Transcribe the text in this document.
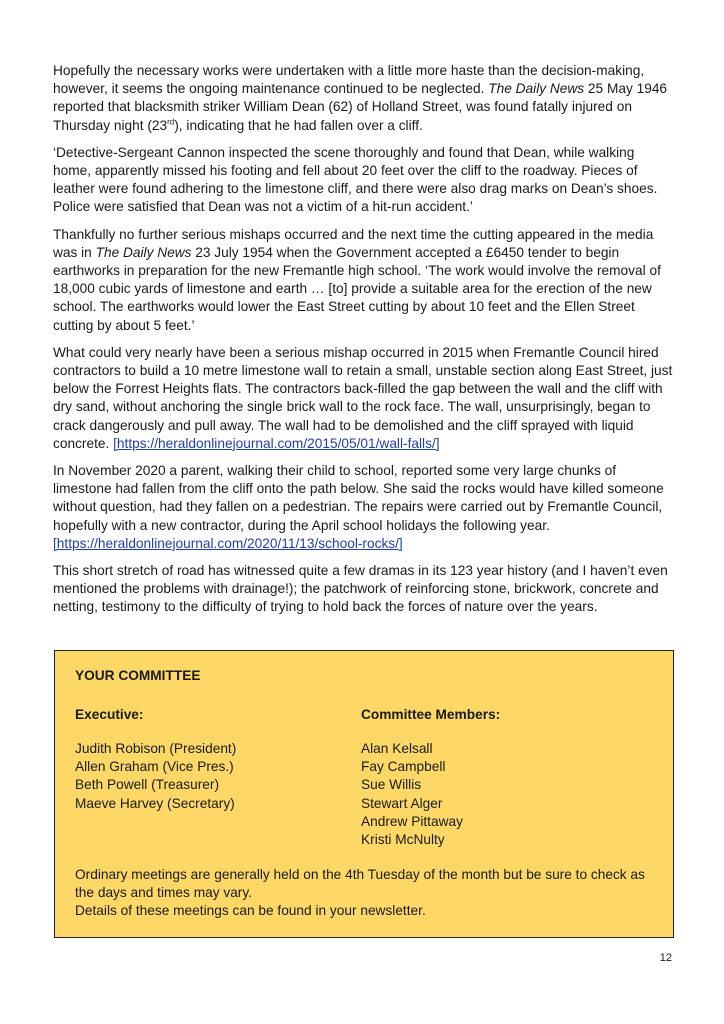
Hopefully the necessary works were undertaken with a little more haste than the decision-making, however, it seems the ongoing maintenance continued to be neglected. The Daily News 25 May 1946 reported that blacksmith striker William Dean (62) of Holland Street, was found fatally injured on Thursday night (23rd), indicating that he had fallen over a cliff.

‘Detective-Sergeant Cannon inspected the scene thoroughly and found that Dean, while walking home, apparently missed his footing and fell about 20 feet over the cliff to the roadway. Pieces of leather were found adhering to the limestone cliff, and there were also drag marks on Dean’s shoes. Police were satisfied that Dean was not a victim of a hit-run accident.’

Thankfully no further serious mishaps occurred and the next time the cutting appeared in the media was in The Daily News 23 July 1954 when the Government accepted a £6450 tender to begin earthworks in preparation for the new Fremantle high school. ‘The work would involve the removal of 18,000 cubic yards of limestone and earth … [to] provide a suitable area for the erection of the new school. The earthworks would lower the East Street cutting by about 10 feet and the Ellen Street cutting by about 5 feet.’

What could very nearly have been a serious mishap occurred in 2015 when Fremantle Council hired contractors to build a 10 metre limestone wall to retain a small, unstable section along East Street, just below the Forrest Heights flats. The contractors back-filled the gap between the wall and the cliff with dry sand, without anchoring the single brick wall to the rock face. The wall, unsurprisingly, began to crack dangerously and pull away. The wall had to be demolished and the cliff sprayed with liquid concrete. [https://heraldonlinejournal.com/2015/05/01/wall-falls/]

In November 2020 a parent, walking their child to school, reported some very large chunks of limestone had fallen from the cliff onto the path below. She said the rocks would have killed someone without question, had they fallen on a pedestrian. The repairs were carried out by Fremantle Council, hopefully with a new contractor, during the April school holidays the following year. [https://heraldonlinejournal.com/2020/11/13/school-rocks/]

This short stretch of road has witnessed quite a few dramas in its 123 year history (and I haven’t even mentioned the problems with drainage!); the patchwork of reinforcing stone, brickwork, concrete and netting, testimony to the difficulty of trying to hold back the forces of nature over the years.

YOUR COMMITTEE
Executive:
Judith Robison (President)
Allen Graham (Vice Pres.)
Beth Powell (Treasurer)
Maeve Harvey (Secretary)
Committee Members:
Alan Kelsall
Fay Campbell
Sue Willis
Stewart Alger
Andrew Pittaway
Kristi McNulty
Ordinary meetings are generally held on the 4th Tuesday of the month but be sure to check as the days and times may vary.
Details of these meetings can be found in your newsletter.
12
